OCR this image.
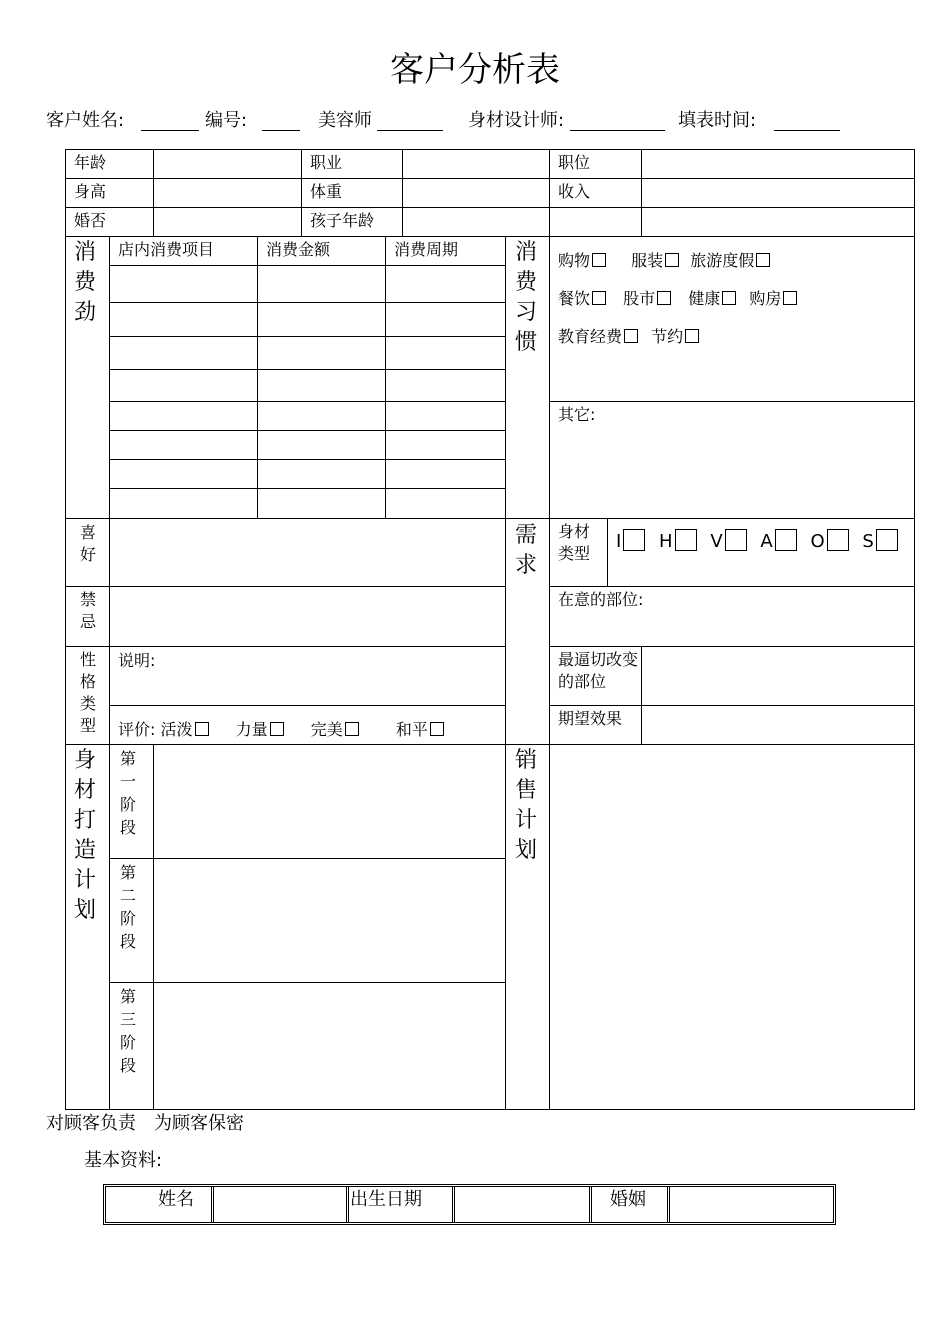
客户分析表
客户姓名:	编号:	美容师	身材设计师:	填表时间:
年龄	职业	职位
身高	体重	收入
婚否	孩子年龄
消费劲
店内消费项目	消费金额	消费周期	消费习惯
购物	服装 旅游度假
餐饮 股市 健康 购房
教育经费 节约
其它:
喜好
禁忌
性格类型
说明:
评价: 活泼	力量	完美	和平
需求
身材类型
I H V A O S
在意的部位:
最逼切改变的部位
期望效果
身材打造计划
第一阶段
第二阶段
第三阶段
销售计划
对顾客负责　为顾客保密
基本资料:
姓名	出生日期	婚姻
